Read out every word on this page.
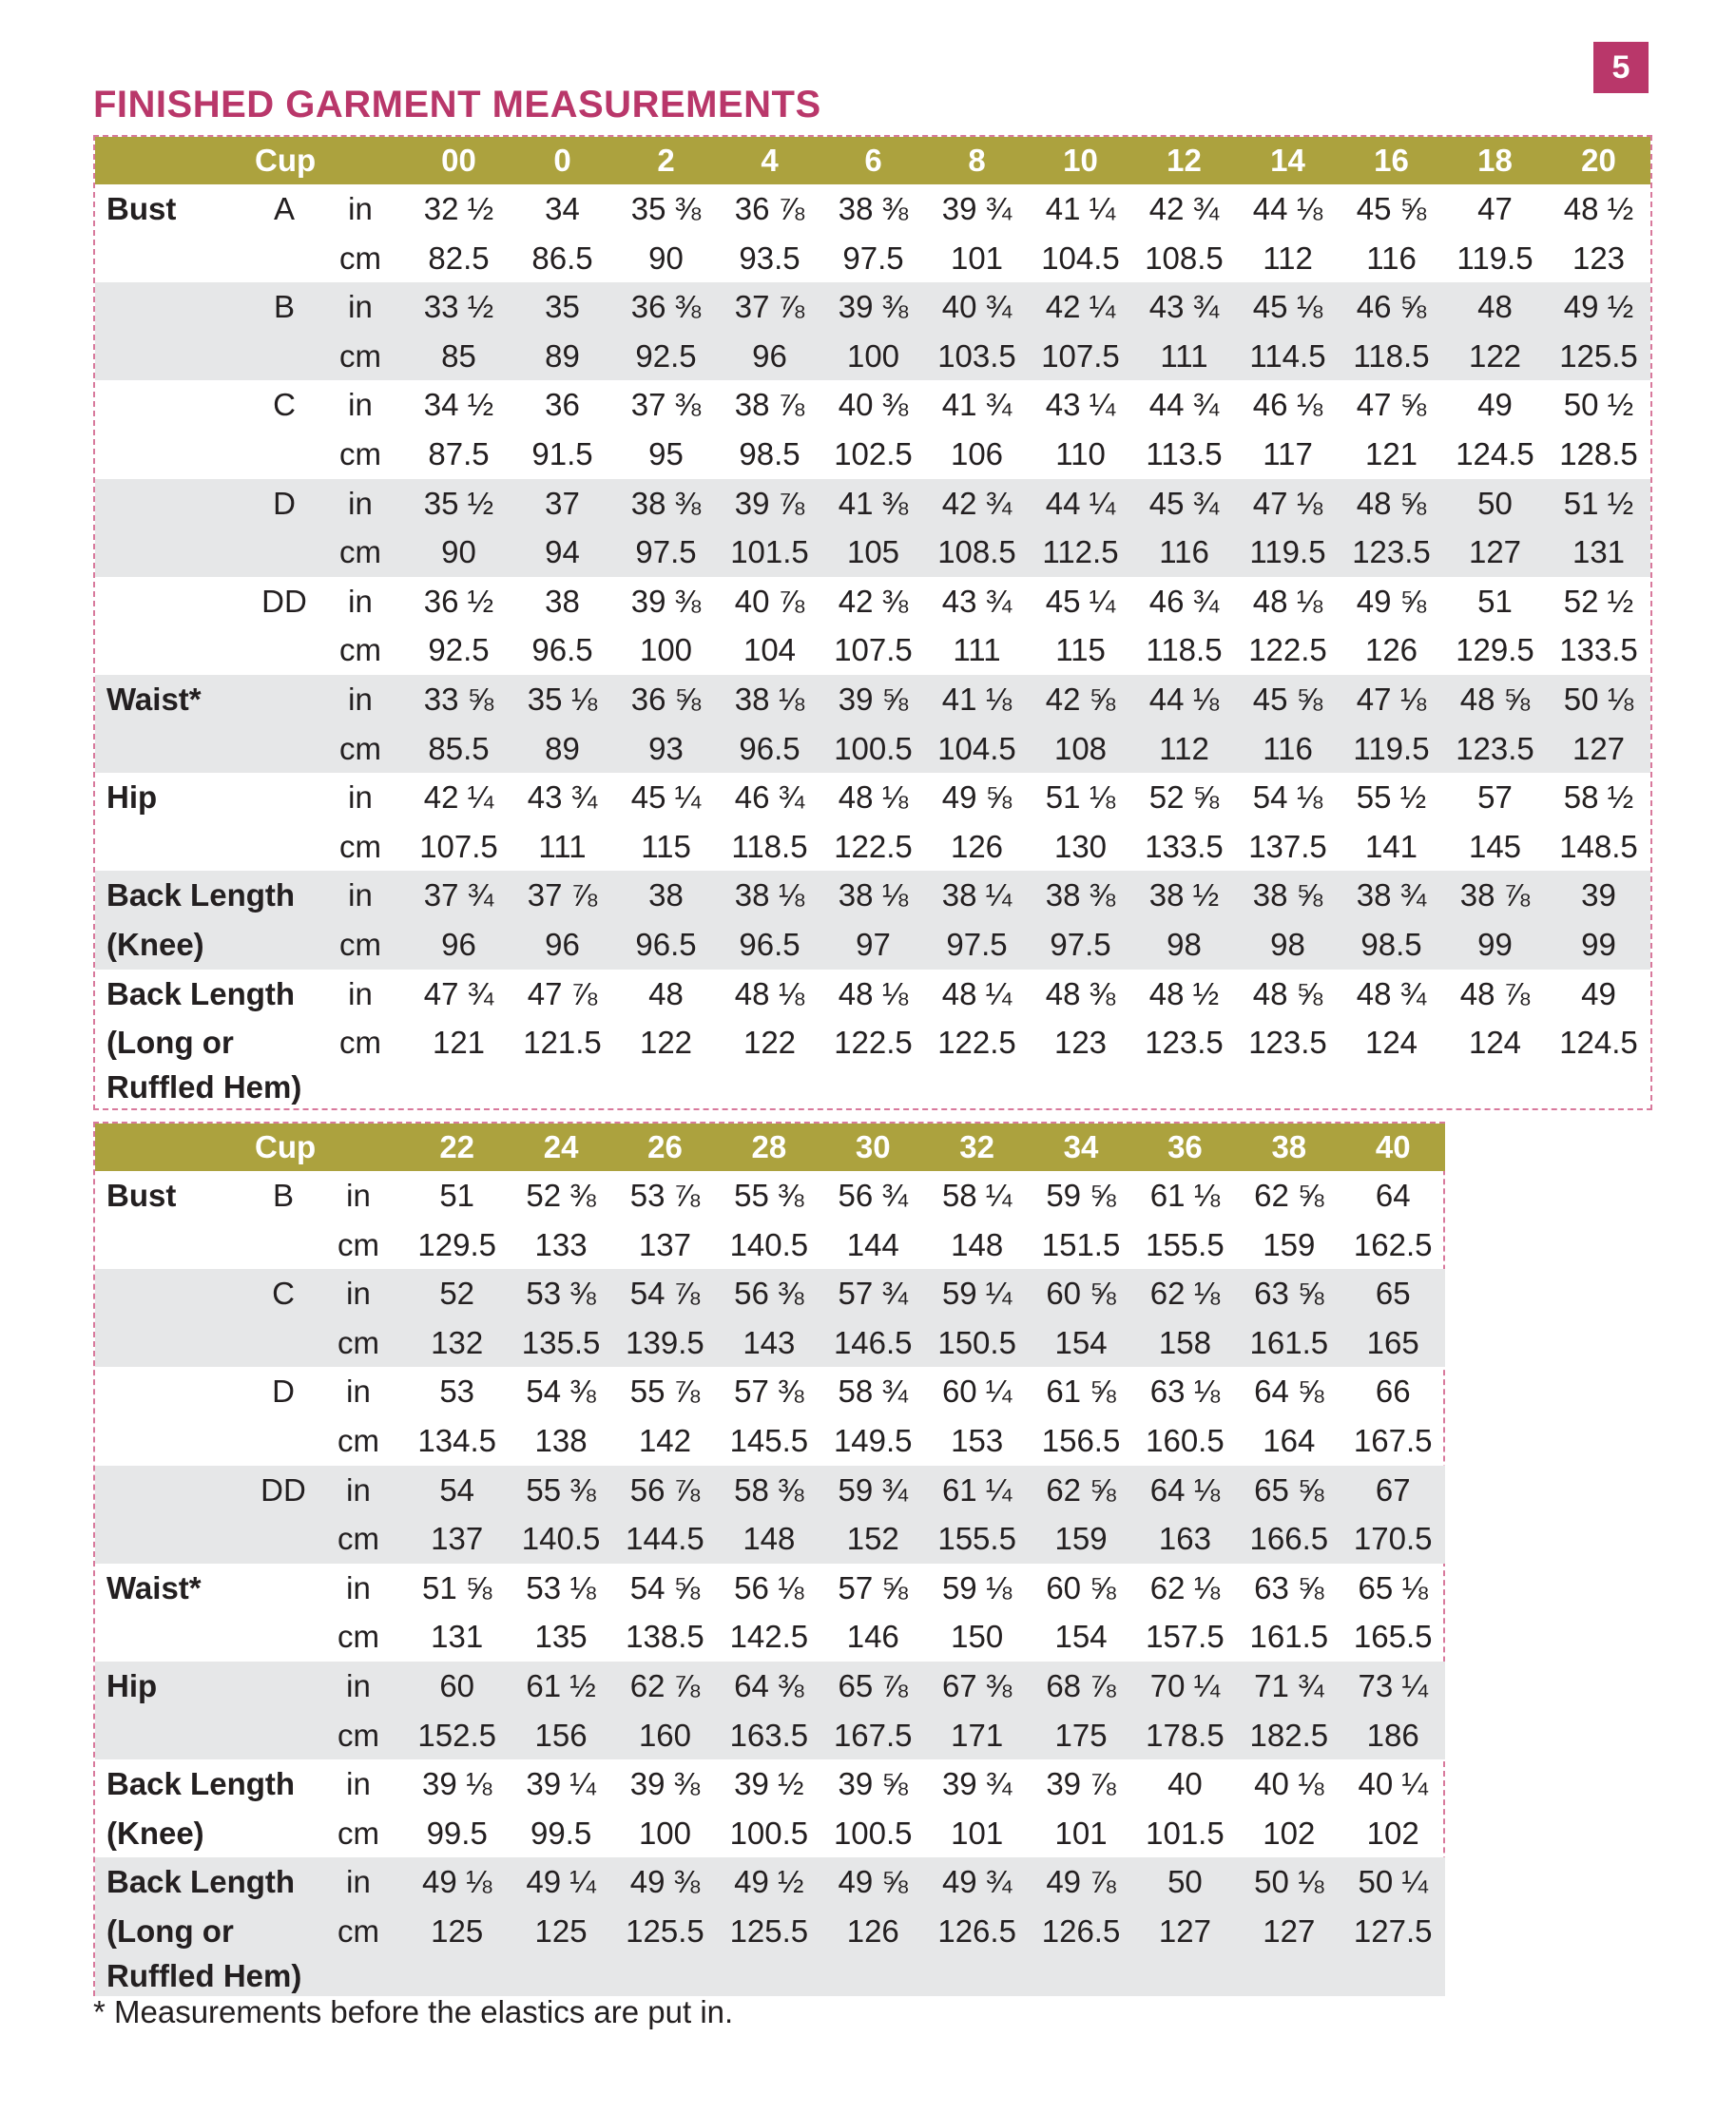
5
FINISHED GARMENT MEASUREMENTS
	Cup		00	0	2	4	6	8	10	12	14	16	18	20
Bust	A	in	32 ½	34	35 ⅜	36 ⅞	38 ⅜	39 ¾	41 ¼	42 ¾	44 ⅛	45 ⅝	47	48 ½
		cm	82.5	86.5	90	93.5	97.5	101	104.5	108.5	112	116	119.5	123
	B	in	33 ½	35	36 ⅜	37 ⅞	39 ⅜	40 ¾	42 ¼	43 ¾	45 ⅛	46 ⅝	48	49 ½
		cm	85	89	92.5	96	100	103.5	107.5	111	114.5	118.5	122	125.5
	C	in	34 ½	36	37 ⅜	38 ⅞	40 ⅜	41 ¾	43 ¼	44 ¾	46 ⅛	47 ⅝	49	50 ½
		cm	87.5	91.5	95	98.5	102.5	106	110	113.5	117	121	124.5	128.5
	D	in	35 ½	37	38 ⅜	39 ⅞	41 ⅜	42 ¾	44 ¼	45 ¾	47 ⅛	48 ⅝	50	51 ½
		cm	90	94	97.5	101.5	105	108.5	112.5	116	119.5	123.5	127	131
	DD	in	36 ½	38	39 ⅜	40 ⅞	42 ⅜	43 ¾	45 ¼	46 ¾	48 ⅛	49 ⅝	51	52 ½
		cm	92.5	96.5	100	104	107.5	111	115	118.5	122.5	126	129.5	133.5
Waist*		in	33 ⅝	35 ⅛	36 ⅝	38 ⅛	39 ⅝	41 ⅛	42 ⅝	44 ⅛	45 ⅝	47 ⅛	48 ⅝	50 ⅛
		cm	85.5	89	93	96.5	100.5	104.5	108	112	116	119.5	123.5	127
Hip		in	42 ¼	43 ¾	45 ¼	46 ¾	48 ⅛	49 ⅝	51 ⅛	52 ⅝	54 ⅛	55 ½	57	58 ½
		cm	107.5	111	115	118.5	122.5	126	130	133.5	137.5	141	145	148.5
Back Length		in	37 ¾	37 ⅞	38	38 ⅛	38 ⅛	38 ¼	38 ⅜	38 ½	38 ⅝	38 ¾	38 ⅞	39
(Knee)		cm	96	96	96.5	96.5	97	97.5	97.5	98	98	98.5	99	99
Back Length		in	47 ¾	47 ⅞	48	48 ⅛	48 ⅛	48 ¼	48 ⅜	48 ½	48 ⅝	48 ¾	48 ⅞	49
(Long or		cm	121	121.5	122	122	122.5	122.5	123	123.5	123.5	124	124	124.5
Ruffled Hem)														
	Cup		22	24	26	28	30	32	34	36	38	40
Bust	B	in	51	52 ⅜	53 ⅞	55 ⅜	56 ¾	58 ¼	59 ⅝	61 ⅛	62 ⅝	64
		cm	129.5	133	137	140.5	144	148	151.5	155.5	159	162.5
	C	in	52	53 ⅜	54 ⅞	56 ⅜	57 ¾	59 ¼	60 ⅝	62 ⅛	63 ⅝	65
		cm	132	135.5	139.5	143	146.5	150.5	154	158	161.5	165
	D	in	53	54 ⅜	55 ⅞	57 ⅜	58 ¾	60 ¼	61 ⅝	63 ⅛	64 ⅝	66
		cm	134.5	138	142	145.5	149.5	153	156.5	160.5	164	167.5
	DD	in	54	55 ⅜	56 ⅞	58 ⅜	59 ¾	61 ¼	62 ⅝	64 ⅛	65 ⅝	67
		cm	137	140.5	144.5	148	152	155.5	159	163	166.5	170.5
Waist*		in	51 ⅝	53 ⅛	54 ⅝	56 ⅛	57 ⅝	59 ⅛	60 ⅝	62 ⅛	63 ⅝	65 ⅛
		cm	131	135	138.5	142.5	146	150	154	157.5	161.5	165.5
Hip		in	60	61 ½	62 ⅞	64 ⅜	65 ⅞	67 ⅜	68 ⅞	70 ¼	71 ¾	73 ¼
		cm	152.5	156	160	163.5	167.5	171	175	178.5	182.5	186
Back Length		in	39 ⅛	39 ¼	39 ⅜	39 ½	39 ⅝	39 ¾	39 ⅞	40	40 ⅛	40 ¼
(Knee)		cm	99.5	99.5	100	100.5	100.5	101	101	101.5	102	102
Back Length		in	49 ⅛	49 ¼	49 ⅜	49 ½	49 ⅝	49 ¾	49 ⅞	50	50 ⅛	50 ¼
(Long or		cm	125	125	125.5	125.5	126	126.5	126.5	127	127	127.5
Ruffled Hem)												
* Measurements before the elastics are put in.
